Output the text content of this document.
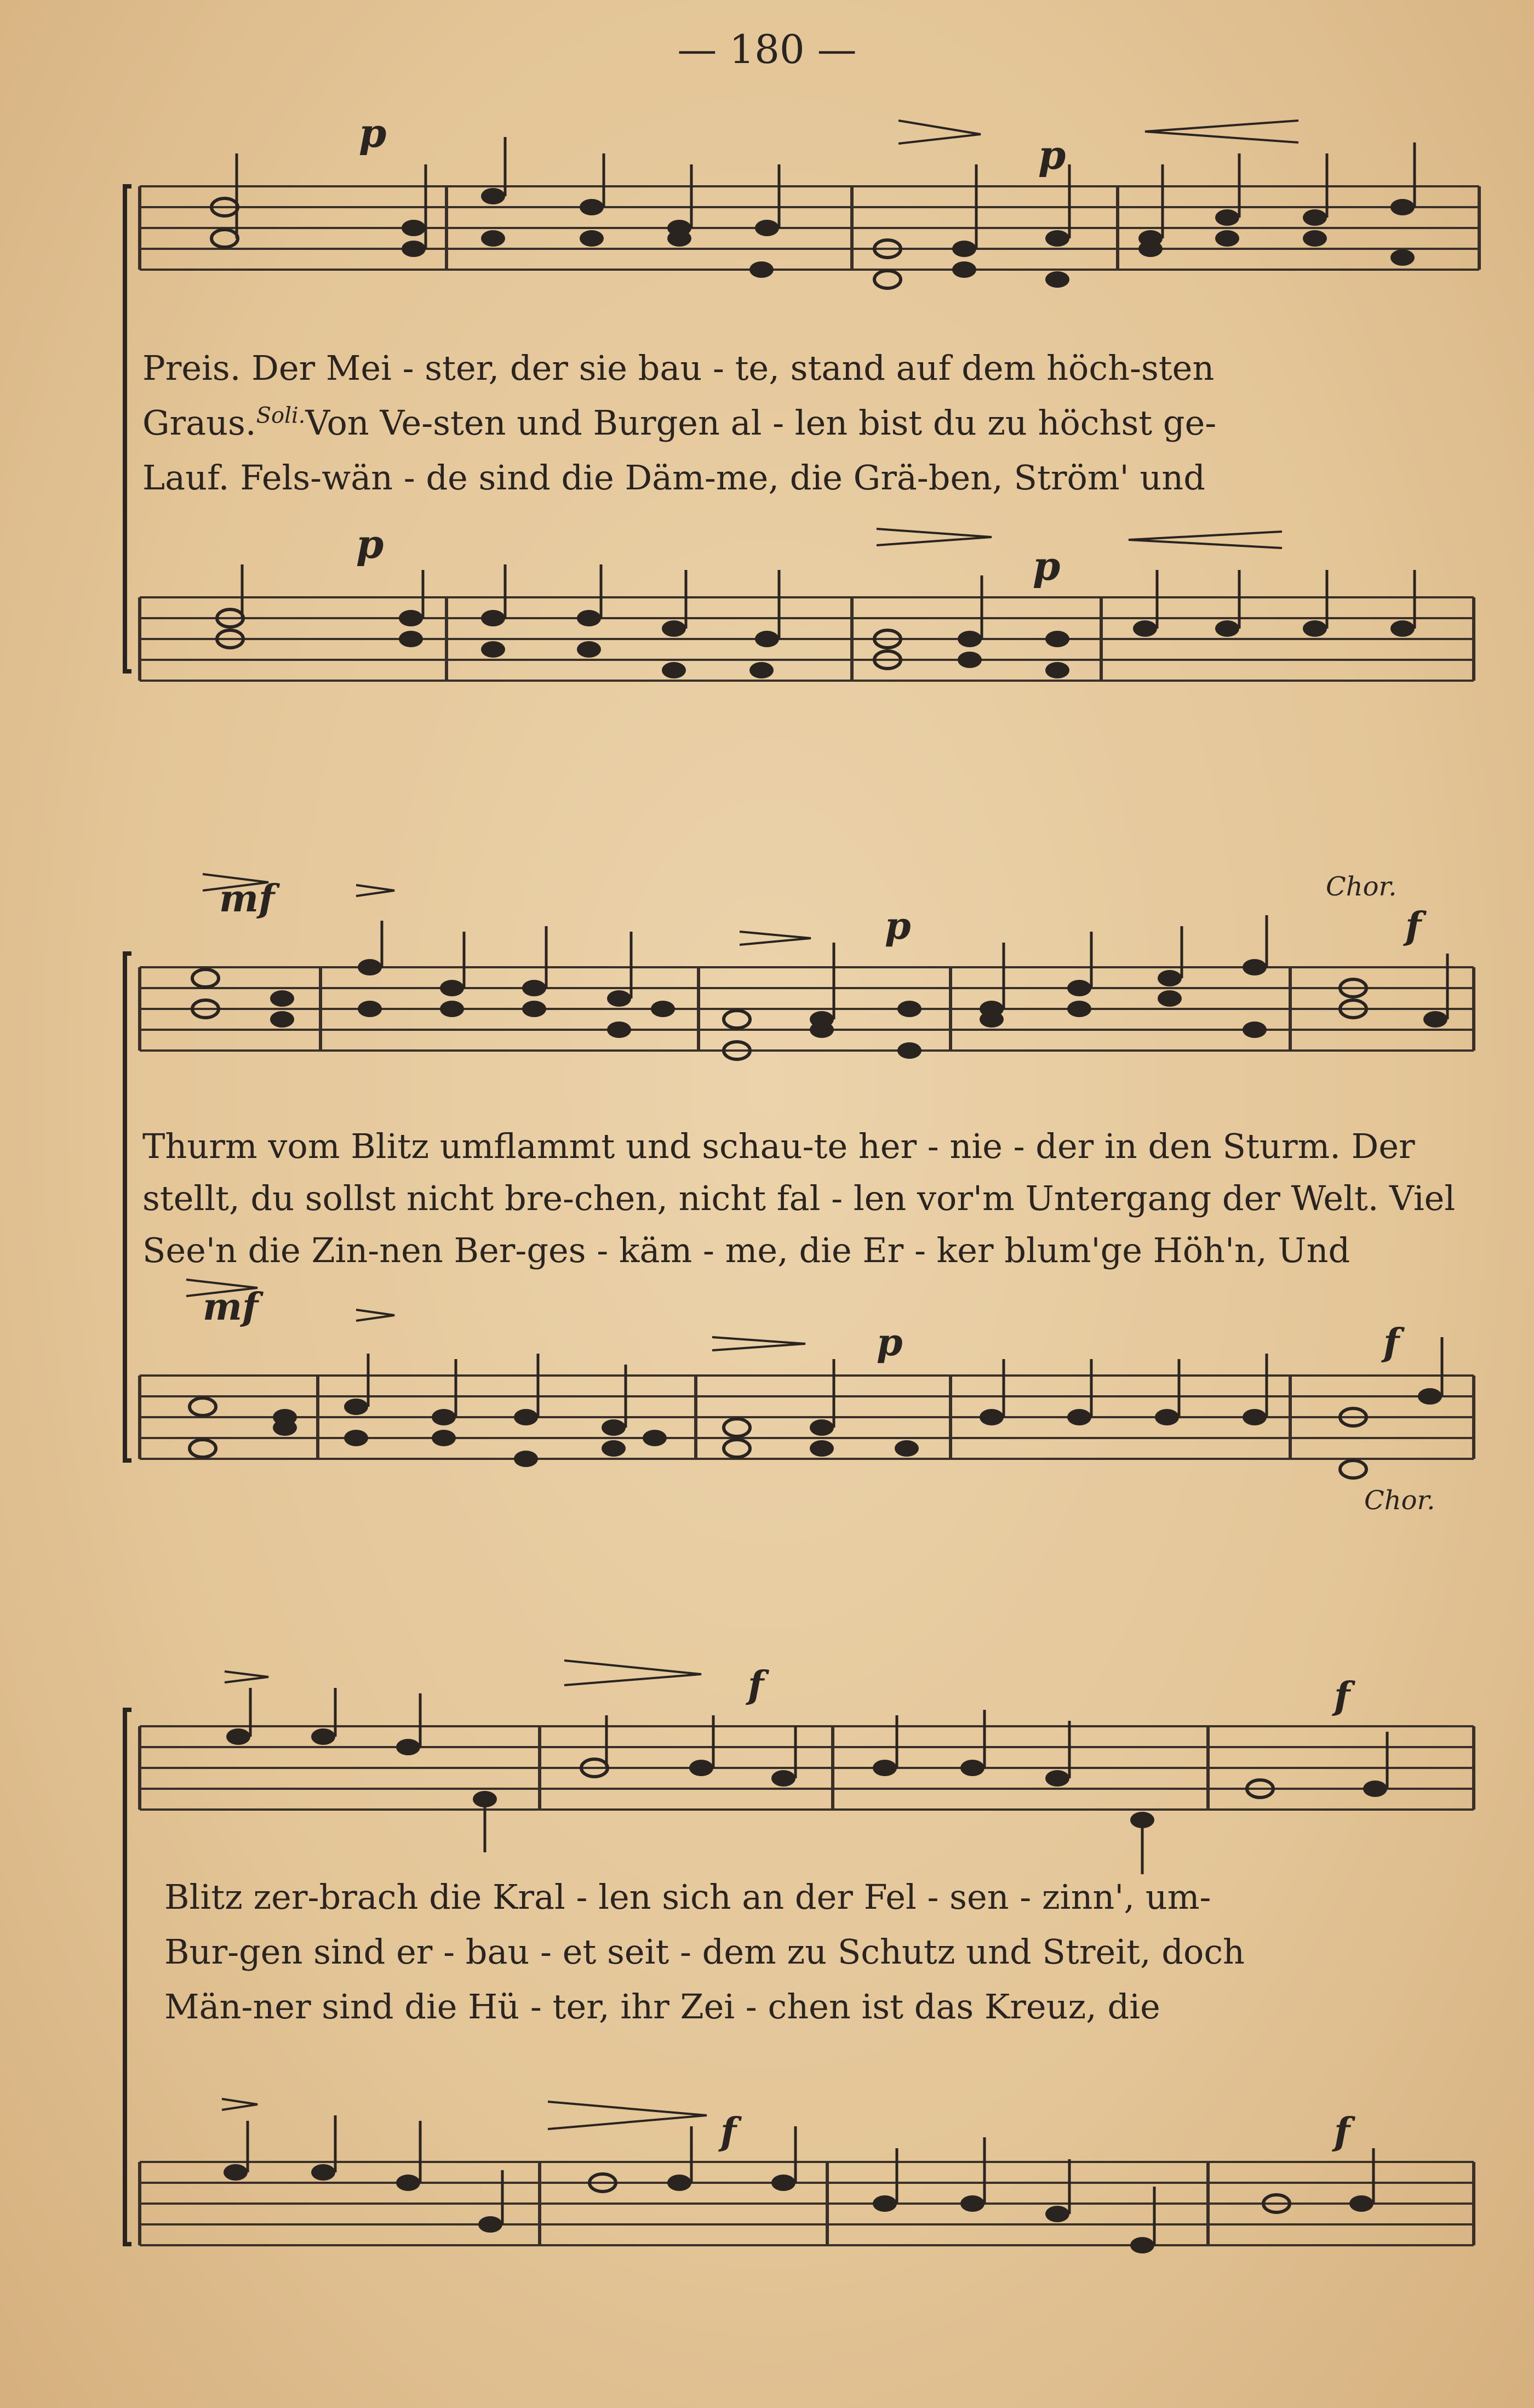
— 180 —
p	p
Preis. Der Mei - ster, der sie bau - te, stand auf dem höch-sten
Graus.$^{Soli.}$Von Ve-sten und Burgen al - len bist du zu höchst ge-
Lauf. Fels-wän - de sind die Däm-me, die Grä-ben, Ström' und
p	p
mf
p
Chor.
f
Thurm vom Blitz umflammt und schau-te her - nie - der in den Sturm. Der
stellt, du sollst nicht bre-chen, nicht fal - len vor'm Untergang der Welt. Viel
See'n die Zin-nen Ber-ges - käm - me, die Er - ker blum'ge Höh'n, Und
mf
p	f
Chor.
f	f
Blitz zer-brach die Kral - len sich an der Fel - sen - zinn', um-
Bur-gen sind er - bau - et seit - dem zu Schutz und Streit, doch
Män-ner sind die Hü - ter, ihr Zei - chen ist das Kreuz, die
f	f
